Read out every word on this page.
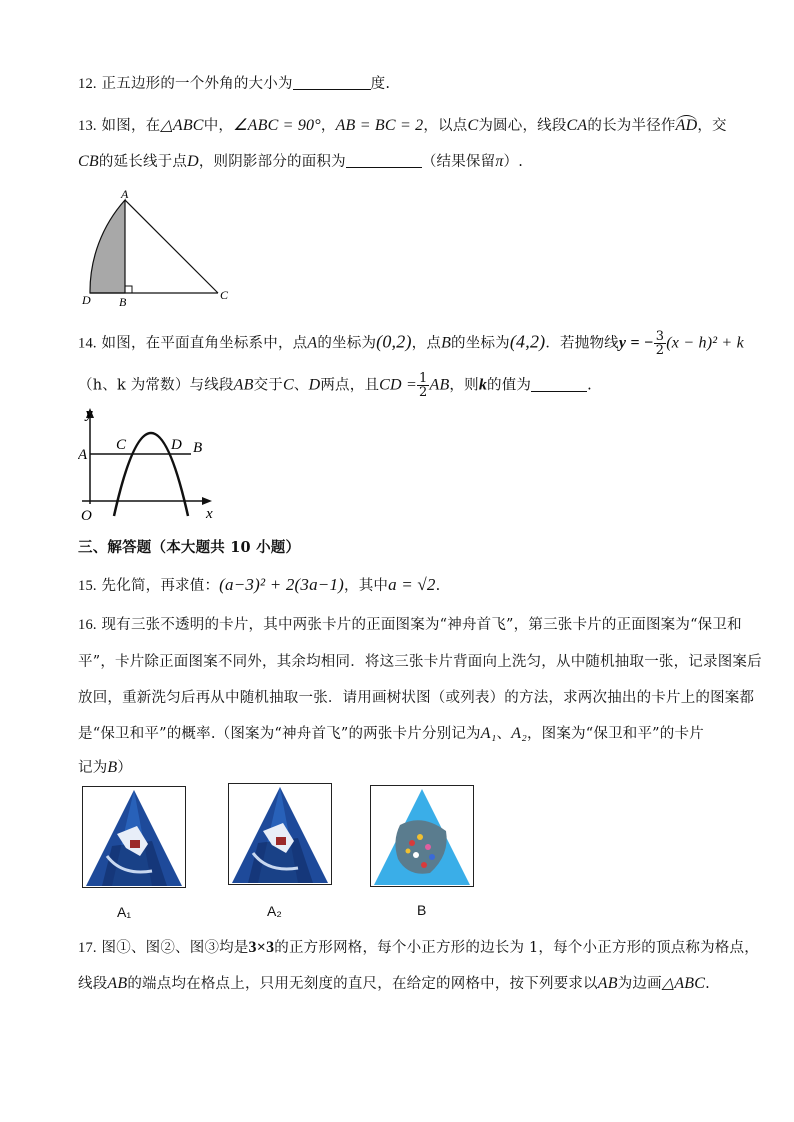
12. 正五边形的一个外角的大小为	度.
13. 如图，在△ABC中，∠ABC = 90°，AB = BC = 2，以点C为圆心，线段CA的长为半径作AD，交
CB的延长线于点D，则阴影部分的面积为	（结果保留π）.
A
B	C
D
14. 如图，在平面直角坐标系中，点A的坐标为(0,2)，点B的坐标为(4,2)．若抛物线y = − $\frac{3}{2} (x - h)^2 + k$
（h、k 为常数）与线段AB交于C、D两点，且CD = $\frac{1}{2}$ AB，则k的值为	.
y
x
O
A	B
C	D
三、解答题（本大题共 10 小题）
15. 先化简，再求值：(a−3)² + 2(3a−1)，其中a = √2.
16. 现有三张不透明的卡片，其中两张卡片的正面图案为“神舟首飞”，第三张卡片的正面图案为“保卫和
平”，卡片除正面图案不同外，其余均相同．将这三张卡片背面向上洗匀，从中随机抽取一张，记录图案后
放回，重新洗匀后再从中随机抽取一张．请用画树状图（或列表）的方法，求两次抽出的卡片上的图案都
是“保卫和平”的概率.（图案为“神舟首飞”的两张卡片分别记为A₁、A₂，图案为“保卫和平”的卡片
记为B）
A₁	A₂	B
17. 图①、图②、图③均是3×3的正方形网格，每个小正方形的边长为 1，每个小正方形的顶点称为格点，
线段AB的端点均在格点上，只用无刻度的直尺，在给定的网格中，按下列要求以AB为边画△ABC.
